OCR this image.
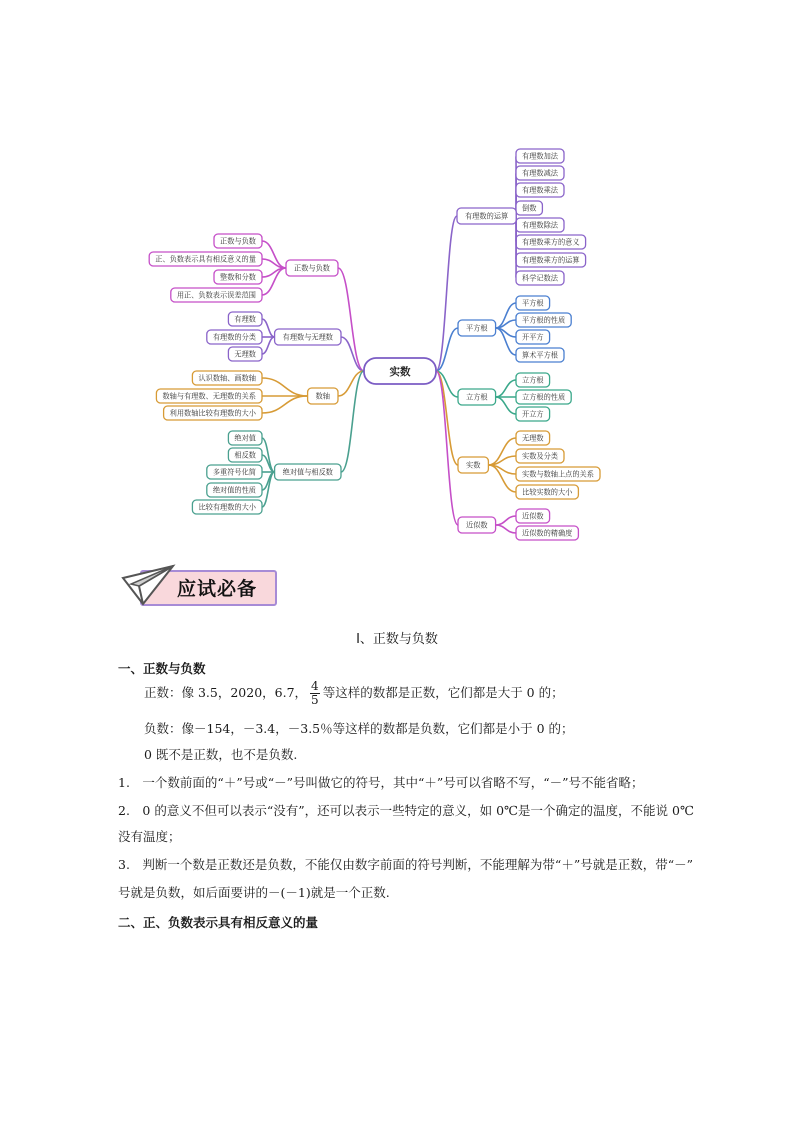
有理数加法
有理数减法
有理数乘法
倒数
有理数除法
有理数乘方的意义
有理数乘方的运算
科学记数法
有理数的运算
平方根
平方根的性质
开平方
算术平方根
平方根
立方根
立方根的性质
开立方
立方根
无理数
实数及分类
实数与数轴上点的关系
比较实数的大小
实数
近似数
近似数的精确度
近似数
正数与负数
正、负数表示具有相反意义的量
整数和分数
用正、负数表示误差范围
正数与负数
有理数
有理数的分类
无理数
有理数与无理数
认识数轴、画数轴
数轴与有理数、无理数的关系
利用数轴比较有理数的大小
数轴
绝对值
相反数
多重符号化简
绝对值的性质
比较有理数的大小
绝对值与相反数
实数
应试必备
Ⅰ、正数与负数
一、正数与负数
正数：像 3.5，2020，6.7， $\frac{4}{5}$ 等这样的数都是正数，它们都是大于 0 的；
负数：像－154，－3.4，－3.5％等这样的数都是负数，它们都是小于 0 的；
0 既不是正数，也不是负数.
1.　一个数前面的“＋”号或“－”号叫做它的符号，其中“＋”号可以省略不写，“－”号不能省略；
2.　0 的意义不但可以表示“没有”，还可以表示一些特定的意义，如 0℃是一个确定的温度，不能说 0℃
没有温度；
3.　判断一个数是正数还是负数，不能仅由数字前面的符号判断，不能理解为带“＋”号就是正数，带“－”
号就是负数，如后面要讲的－(－1)就是一个正数.
二、正、负数表示具有相反意义的量
